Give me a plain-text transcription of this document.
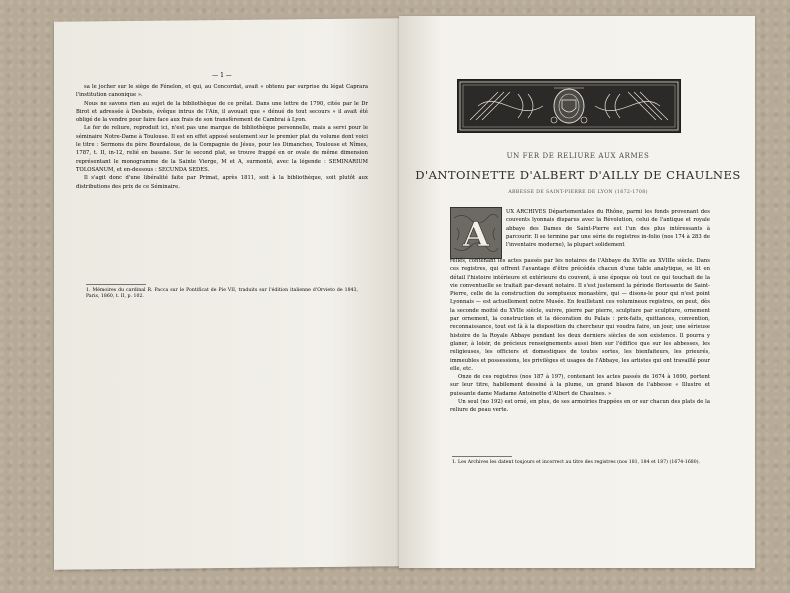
— 1 —

sa le jocher sur le siège de Fénelon, et qui, au Concordat, avait « obtenu par surprise du légat Caprara l'institution canonique ».

Nous ne savons rien au sujet de la bibliothèque de ce prélat. Dans une lettre de 1790, citée par le Dr Birot et adressée à Desbois, évêque intrus de l'Ain, il avouait que « dénué de tout secours » il avait été obligé de la vendre pour faire face aux frais de son transfèrement de Cambrai à Lyon.

Le fer de reliure, reproduit ici, n'est pas une marque de bibliothèque personnelle, mais a servi pour le séminaire Notre-Dame à Toulouse. Il est en effet apposé seulement sur le premier plat du volume dont voici le titre : Sermons du père Bourdaloue, de la Compagnie de Jésus, pour les Dimanches, Toulouse et Nîmes, 1787, t. II, in-12, relié en basane. Sur le second plat, se trouve frappé en or ovale de même dimension représentant le monogramme de la Sainte Vierge, M et A, surmonté, avec la légende : SEMINARIUM TOLOSANUM, et en-dessous : SECUNDA SEDES.

Il s'agit donc d'une libéralité faite par Primat, après 1811, soit à la bibliothèque, soit plutôt aux distributions des prix de ce Séminaire.

1. Mémoires du cardinal R. Pacca sur le Pontificat de Pie VII, traduits sur l'édition italienne d'Orvieto de 1843, Paris, 1860, t. II, p. 102.

UN FER DE RELIURE AUX ARMES
D'ANTOINETTE D'ALBERT D'AILLY DE CHAULNES
ABBESSE DE SAINT-PIERRE DE LYON (1672-1708)
A

UX ARCHIVES Départementales du Rhône, parmi les fonds provenant des couvents lyonnais disparus avec la Révolution, celui de l'antique et royale abbaye des Dames de Saint-Pierre est l'un des plus intéressants à parcourir. Il se termine par une série de registres in-folio (nos 174 à 283 de l'inventaire moderne), la plupart solidement

reliés, contenant les actes passés par les notaires de l'Abbaye du XVIIe au XVIIIe siècle. Dans ces registres, qui offrent l'avantage d'être précédés chacun d'une table analytique, se lit en détail l'histoire intérieure et extérieure du couvent, à une époque où tout ce qui touchait de la vie conventuelle se traitait par-devant notaire. Il s'est justement la période florissante de Saint-Pierre, celle de la construction du somptueux monastère, qui — disons-le pour qui n'est point Lyonnais — est actuellement notre Musée. En feuilletant ces volumineux registres, on peut, dès la seconde moitié du XVIIe siècle, suivre, pierre par pierre, sculpture par sculpture, ornement par ornement, la construction et la décoration du Palais : prix-faits, quittances, convention, reconnaissance, tout est là à la disposition du chercheur qui voudra faire, un jour, une sérieuse histoire de la Royale Abbaye pendant les deux derniers siècles de son existence. Il pourra y glaner, à loisir, de précieux renseignements aussi bien sur l'édifice que sur les abbesses, les religieuses, les officiers et domestiques de toutes sortes, les bienfaiteurs, les prieurés, immeubles et possessions, les privilèges et usages de l'Abbaye, les artistes qui ont travaillé pour elle, etc.

Onze de ces registres (nos 187 à 197), contenant les actes passés de 1674 à 1690, portent sur leur titre, habilement dessiné à la plume, un grand blason de l'abbesse « Illustre et puissante dame Madame Antoinette d'Albert de Chaulnes. »

Un seul (no 192) est orné, en plus, de ses armoiries frappées en or sur chacun des plats de la reliure de peau verte.

1. Les Archives les datent toujours et incorrect au titre des registres (nos 181, 184 et 187) (1674-1680).
